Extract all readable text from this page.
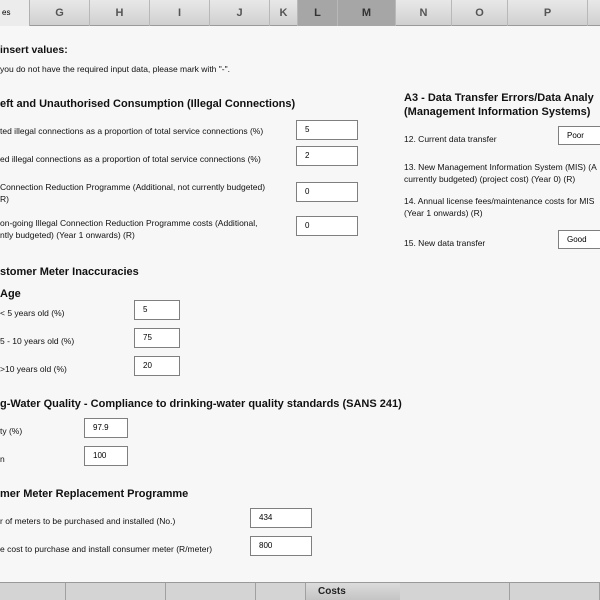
es	G	H	I	J	K	L	M	N	O	P
insert values:
you do not have the required input data, please mark with "-".
eft and Unauthorised Consumption (Illegal Connections)
ted illegal connections as a proportion of total service connections (%)	5
ed illegal connections as a proportion of total service connections (%)	2
Connection Reduction Programme (Additional, not currently budgeted)
R)
0
on-going Illegal Connection Reduction Programme costs (Additional,
ntly budgeted) (Year 1 onwards) (R)
0
A3 - Data Transfer Errors/Data Analy
(Management Information Systems)
12. Current data transfer	Poor
13. New Management Information System (MIS) (A
currently budgeted) (project cost) (Year 0) (R)
14. Annual license fees/maintenance costs for MIS
(Year 1 onwards) (R)
15. New data transfer	Good
stomer Meter Inaccuracies
Age
< 5 years old (%)	5
5 - 10 years old (%)	75
>10 years old (%)	20
g-Water Quality - Compliance to drinking-water quality standards (SANS 241)
ty (%)	97.9
n	100
mer Meter Replacement Programme
r of meters to be purchased and installed (No.)	434
e cost to purchase and install consumer meter (R/meter)	800
Costs
